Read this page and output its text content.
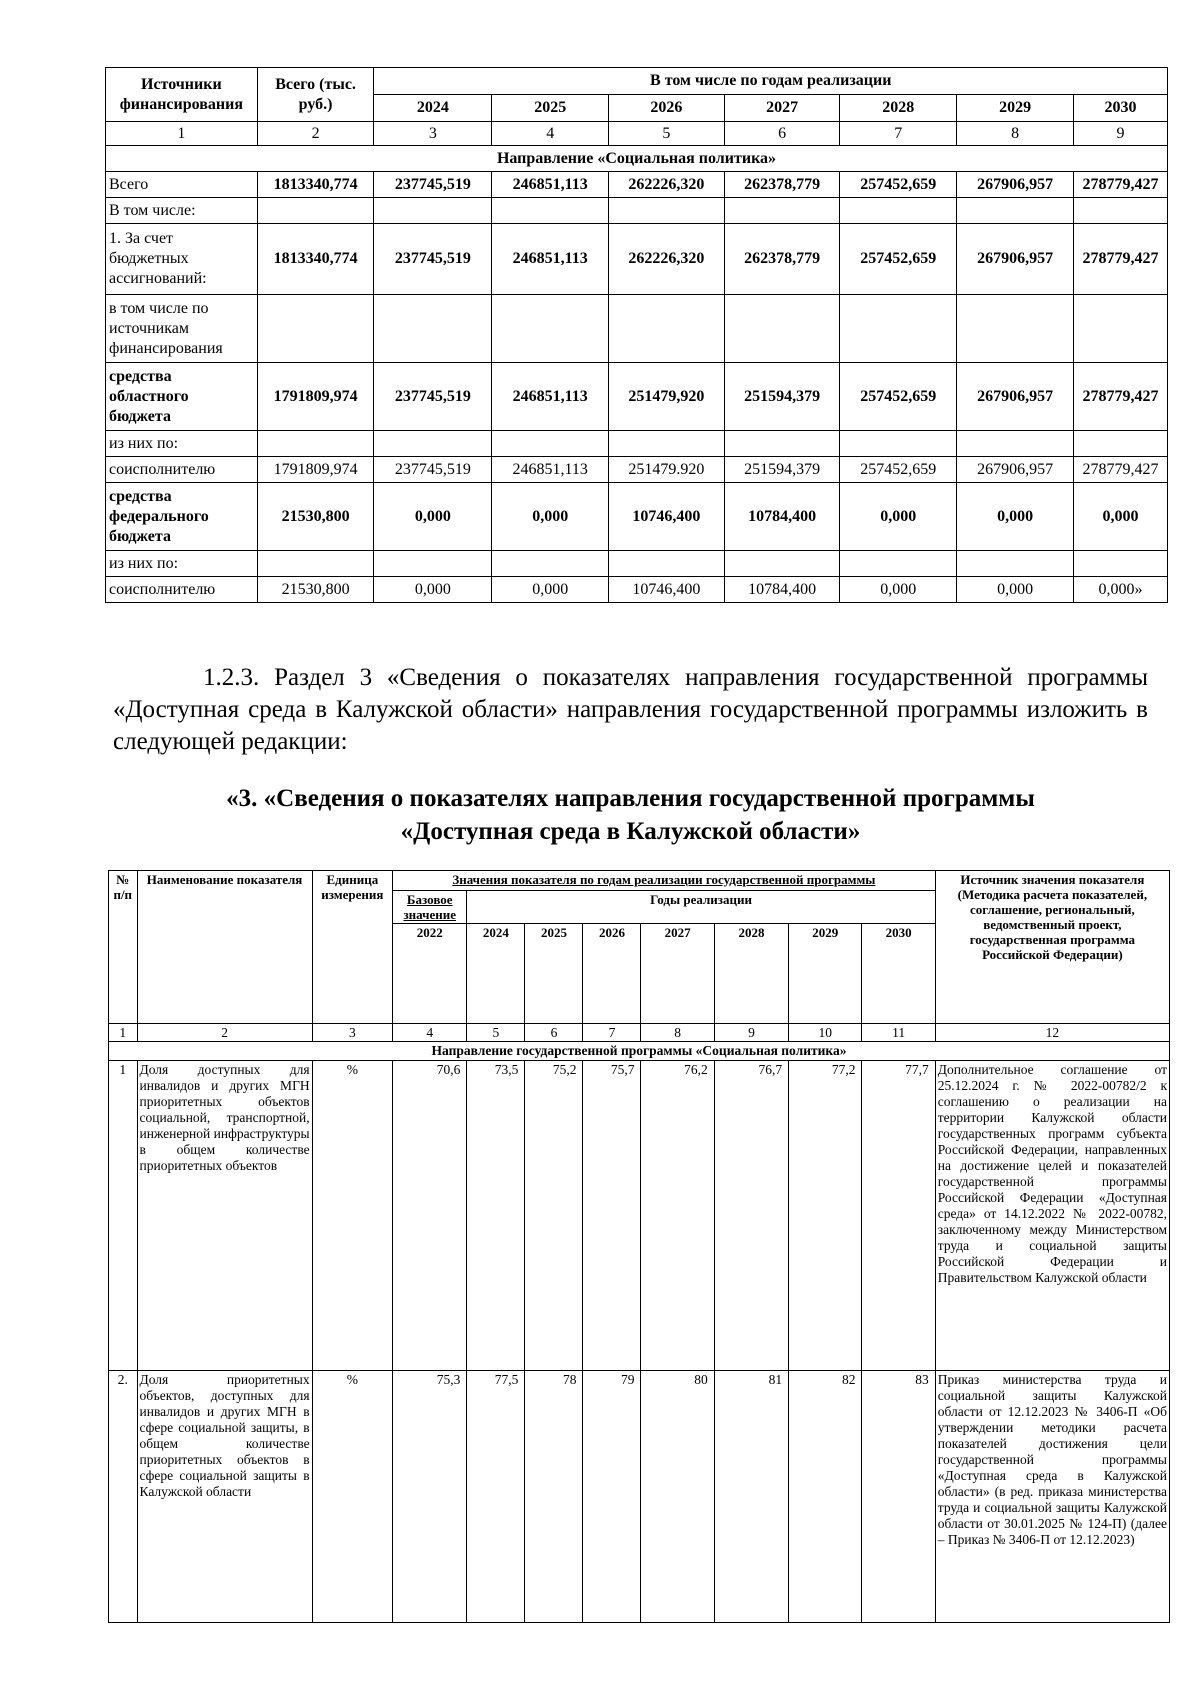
Источники финансирования	Всего (тыс. руб.)	В том числе по годам реализации						
		2024	2025	2026	2027	2028	2029	2030
1	2	3	4	5	6	7	8	9
Направление «Социальная политика»								
Всего	1813340,774	237745,519	246851,113	262226,320	262378,779	257452,659	267906,957	278779,427
В том числе:								
1. За счет бюджетных ассигнований:	1813340,774	237745,519	246851,113	262226,320	262378,779	257452,659	267906,957	278779,427
в том числе по источникам финансирования								
средства областного бюджета	1791809,974	237745,519	246851,113	251479,920	251594,379	257452,659	267906,957	278779,427
из них по:								
соисполнителю	1791809,974	237745,519	246851,113	251479.920	251594,379	257452,659	267906,957	278779,427
средства федерального бюджета	21530,800	0,000	0,000	10746,400	10784,400	0,000	0,000	0,000
из них по:								
соисполнителю	21530,800	0,000	0,000	10746,400	10784,400	0,000	0,000	0,000»

1.2.3. Раздел 3 «Сведения о показателях направления государственной программы «Доступная среда в Калужской области» направления государственной программы изложить в следующей редакции:

«3. «Сведения о показателях направления государственной программы
«Доступная среда в Калужской области»
№ п/п	Наименование показателя	Единица измерения	Значения показателя по годам реализации государственной программы								Источник значения показателя (Методика расчета показателей, соглашение, региональный, ведомственный проект, государственная программа Российской Федерации)
			Базовое значение	Годы реализации							
			2022	2024	2025	2026	2027	2028	2029	2030	
1	2	3	4	5	6	7	8	9	10	11	12
Направление государственной программы «Социальная политика»											
1	Доля доступных для инвалидов и других МГН приоритетных объектов социальной, транспортной, инженерной инфраструктуры в общем количестве приоритетных объектов	%	70,6	73,5	75,2	75,7	76,2	76,7	77,2	77,7	Дополнительное соглашение от 25.12.2024 г. № 2022-00782/2 к соглашению о реализации на территории Калужской области государственных программ субъекта Российской Федерации, направленных на достижение целей и показателей государственной программы Российской Федерации «Доступная среда» от 14.12.2022 № 2022-00782, заключенному между Министерством труда и социальной защиты Российской Федерации и Правительством Калужской области
2.	Доля приоритетных объектов, доступных для инвалидов и других МГН в сфере социальной защиты, в общем количестве приоритетных объектов в сфере социальной защиты в Калужской области	%	75,3	77,5	78	79	80	81	82	83	Приказ министерства труда и социальной защиты Калужской области от 12.12.2023 № 3406-П «Об утверждении методики расчета показателей достижения цели государственной программы «Доступная среда в Калужской области» (в ред. приказа министерства труда и социальной защиты Калужской области от 30.01.2025 № 124-П) (далее – Приказ № 3406-П от 12.12.2023)
